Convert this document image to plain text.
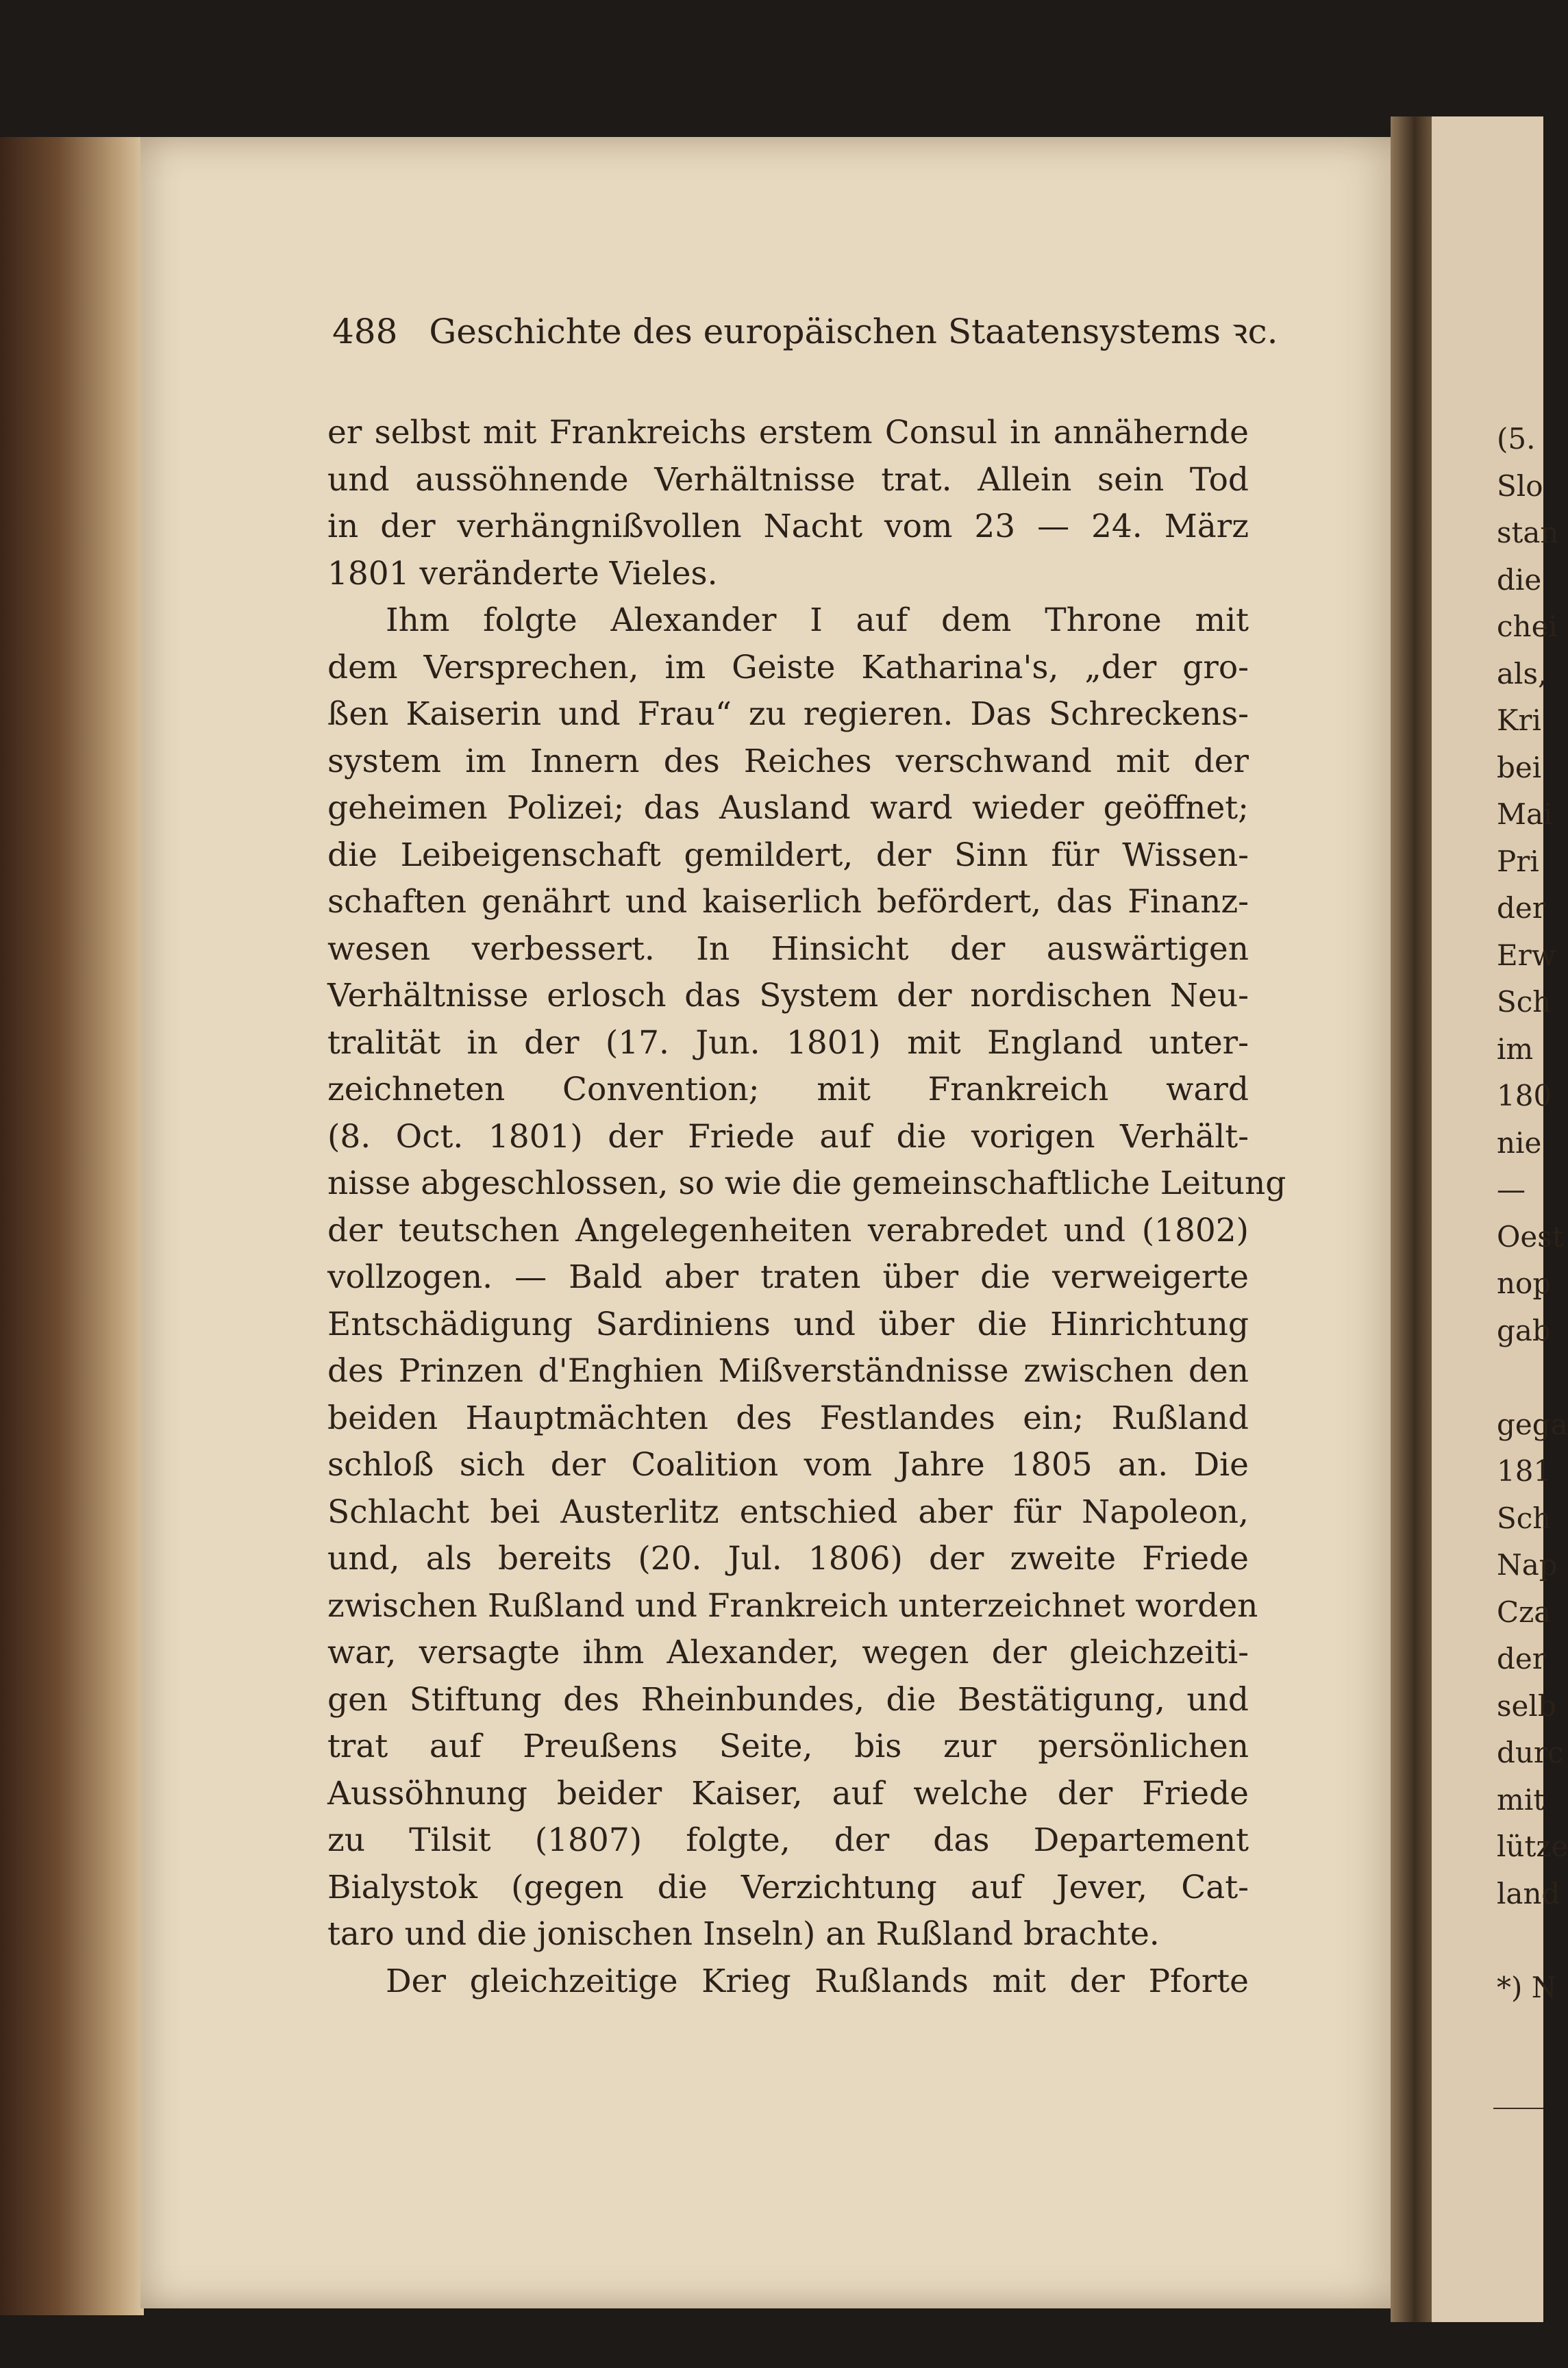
488 Geschichte des europäischen Staatensystems ꝛc.
er selbst mit Frankreichs erstem Consul in annähernde
und aussöhnende Verhältnisse trat. Allein sein Tod
in der verhängnißvollen Nacht vom 23 — 24. März
1801 veränderte Vieles.
Ihm folgte Alexander I auf dem Throne mit
dem Versprechen, im Geiste Katharina's, „der gro-
ßen Kaiserin und Frau“ zu regieren. Das Schreckens-
system im Innern des Reiches verschwand mit der
geheimen Polizei; das Ausland ward wieder geöffnet;
die Leibeigenschaft gemildert, der Sinn für Wissen-
schaften genährt und kaiserlich befördert, das Finanz-
wesen verbessert. In Hinsicht der auswärtigen
Verhältnisse erlosch das System der nordischen Neu-
tralität in der (17. Jun. 1801) mit England unter-
zeichneten Convention; mit Frankreich ward
(8. Oct. 1801) der Friede auf die vorigen Verhält-
nisse abgeschlossen, so wie die gemeinschaftliche Leitung
der teutschen Angelegenheiten verabredet und (1802)
vollzogen. — Bald aber traten über die verweigerte
Entschädigung Sardiniens und über die Hinrichtung
des Prinzen d'Enghien Mißverständnisse zwischen den
beiden Hauptmächten des Festlandes ein; Rußland
schloß sich der Coalition vom Jahre 1805 an. Die
Schlacht bei Austerlitz entschied aber für Napoleon,
und, als bereits (20. Jul. 1806) der zweite Friede
zwischen Rußland und Frankreich unterzeichnet worden
war, versagte ihm Alexander, wegen der gleichzeiti-
gen Stiftung des Rheinbundes, die Bestätigung, und
trat auf Preußens Seite, bis zur persönlichen
Aussöhnung beider Kaiser, auf welche der Friede
zu Tilsit (1807) folgte, der das Departement
Bialystok (gegen die Verzichtung auf Jever, Cat-
taro und die jonischen Inseln) an Rußland brachte.
Der gleichzeitige Krieg Rußlands mit der Pforte
(5.
Slo
stan
die
chei
als,
Kri
bei
Mai
Pri
der
Erw
Sch
im
180
nie
—
Oest
nop
gab
gega
181
Sch
Nap
Cza
der
selb
durc
mit
lütze
land
*) N
